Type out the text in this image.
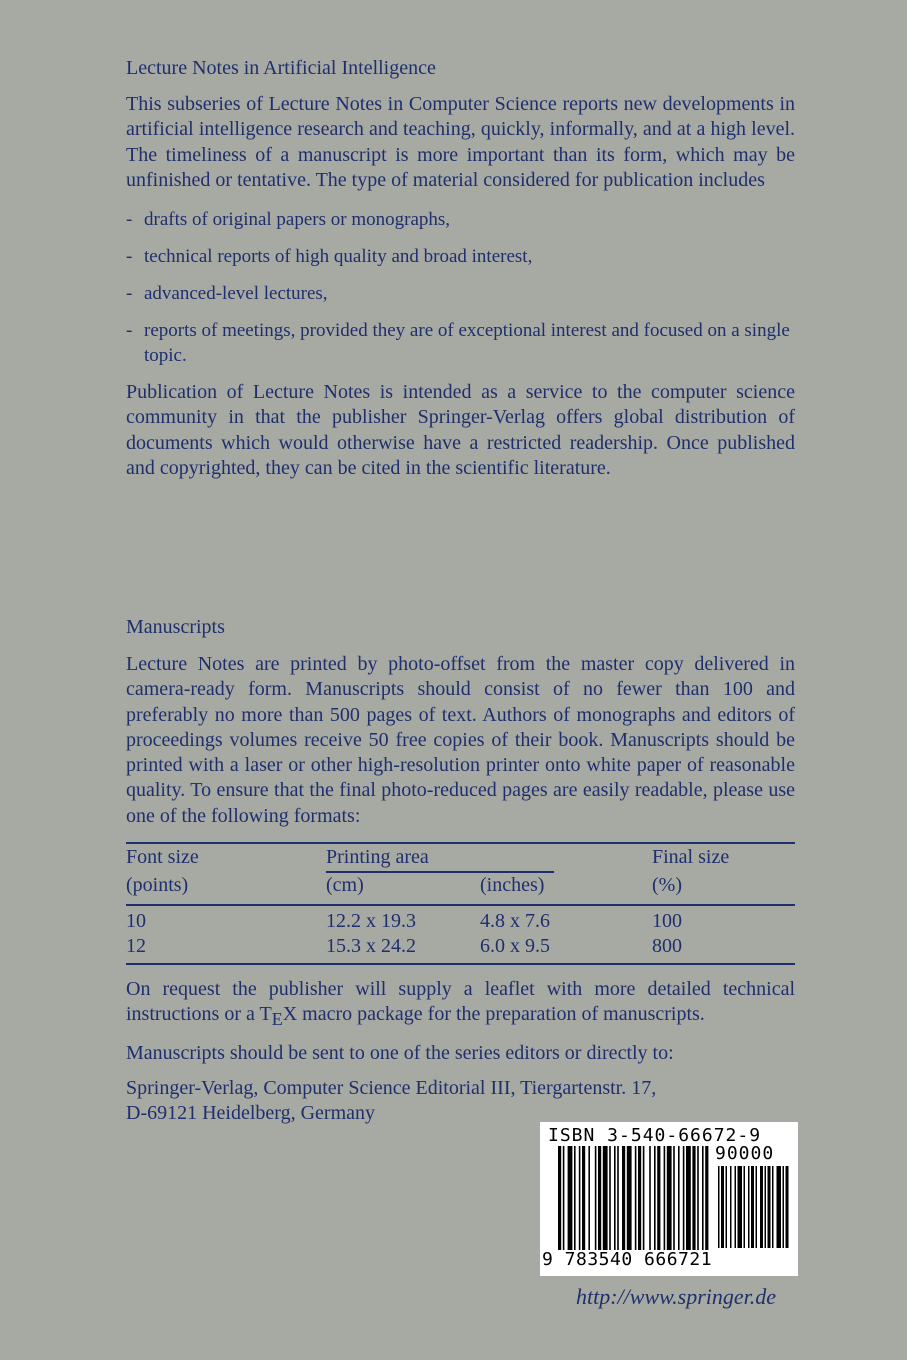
Lecture Notes in Artificial Intelligence

This subseries of Lecture Notes in Computer Science reports new developments in artificial intelligence research and teaching, quickly, informally, and at a high level. The timeliness of a manuscript is more important than its form, which may be unfinished or tentative. The type of material considered for publication includes

- drafts of original papers or monographs,
- technical reports of high quality and broad interest,
- advanced-level lectures,
- reports of meetings, provided they are of exceptional interest and focused on a single topic.

Publication of Lecture Notes is intended as a service to the computer science community in that the publisher Springer-Verlag offers global distribution of documents which would otherwise have a restricted readership. Once published and copyrighted, they can be cited in the scientific literature.

Manuscripts
Lecture Notes are printed by photo-offset from the master copy delivered in camera-ready form. Manuscripts should consist of no fewer than 100 and preferably no more than 500 pages of text. Authors of monographs and editors of proceedings volumes receive 50 free copies of their book. Manuscripts should be printed with a laser or other high-resolution printer onto white paper of reasonable quality. To ensure that the final photo-reduced pages are easily readable, please use one of the following formats:
Font size	Printing area	Final size
(points)	(cm)	(inches)	(%)
10	12.2 x 19.3	4.8 x 7.6	100
12	15.3 x 24.2	6.0 x 9.5	800
On request the publisher will supply a leaflet with more detailed technical instructions or a TEX macro package for the preparation of manuscripts.
Manuscripts should be sent to one of the series editors or directly to:
Springer-Verlag, Computer Science Editorial III, Tiergartenstr. 17,
D-69121 Heidelberg, Germany
ISBN 3-540-66672-9
90000
9 783540 666721
http://www.springer.de
